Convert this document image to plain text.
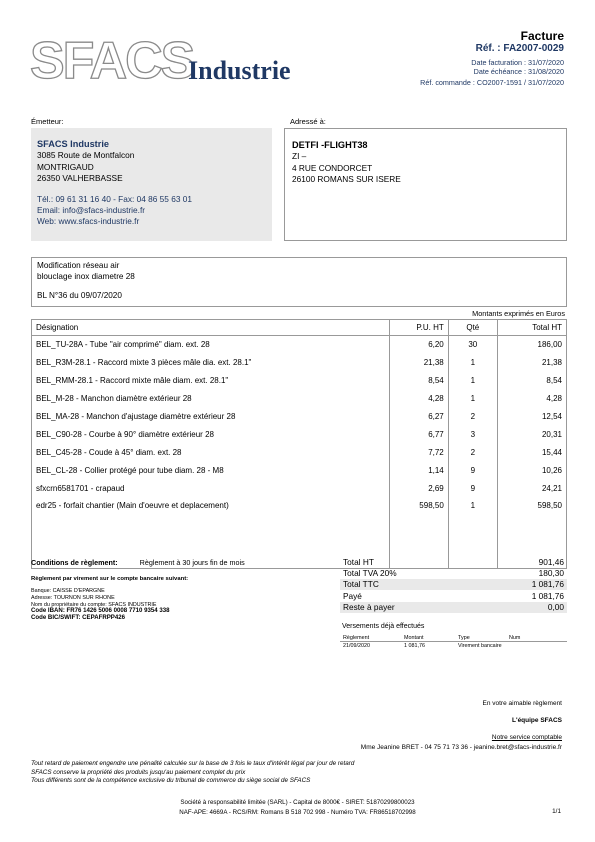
SFACS
Industrie
Facture
Réf. : FA2007-0029
Date facturation : 31/07/2020
Date échéance : 31/08/2020
Réf. commande : CO2007-1591 / 31/07/2020
Émetteur:
SFACS Industrie
3085 Route de Montfalcon
MONTRIGAUD
26350 VALHERBASSE
Tél.: 09 61 31 16 40 - Fax: 04 86 55 63 01
Email: info@sfacs-industrie.fr
Web: www.sfacs-industrie.fr
Adressé à:
DETFI -FLIGHT38
ZI –
4 RUE CONDORCET
26100 ROMANS SUR ISERE
Modification réseau air
blouclage inox diametre 28
BL N°36 du 09/07/2020
Montants exprimés en Euros
Désignation	P.U. HT	Qté	Total HT
BEL_TU-28A - Tube "air comprimé" diam. ext. 28	6,20	30	186,00
BEL_R3M-28.1 - Raccord mixte 3 pièces mâle dia. ext. 28.1"	21,38	1	21,38
BEL_RMM-28.1 - Raccord mixte mâle diam. ext. 28.1"	8,54	1	8,54
BEL_M-28 - Manchon diamètre extérieur 28	4,28	1	4,28
BEL_MA-28 - Manchon d'ajustage diamètre extérieur 28	6,27	2	12,54
BEL_C90-28 - Courbe à 90° diamètre extérieur 28	6,77	3	20,31
BEL_C45-28 - Coude à 45° diam. ext. 28	7,72	2	15,44
BEL_CL-28 - Collier protégé pour tube diam. 28 - M8	1,14	9	10,26
sfxcrn6581701 - crapaud	2,69	9	24,21
edr25 - forfait chantier (Main d'oeuvre et deplacement)	598,50	1	598,50
Conditions de règlement:	Règlement à 30 jours fin de mois
Règlement par virement sur le compte bancaire suivant:
Banque: CAISSE D'EPARGNE
Adresse: TOURNON SUR RHONE
Nom du propriétaire du compte: SFACS INDUSTRIE
Code IBAN: FR76 1426 5006 0008 7710 9354 338
Code BIC/SWIFT: CEPAFRPP426
Total HT	901,46
Total TVA 20%	180,30
Total TTC	1 081,76
Payé	1 081,76
Reste à payer	0,00
Versements déjà effectués
Règlement	Montant	Type	Num
21/09/2020	1 081,76	Virement bancaire	
En votre aimable règlement
L'équipe SFACS
Notre service comptable
Mme Jeanine BRET - 04 75 71 73 36 - jeanine.bret@sfacs-industrie.fr
Tout retard de paiement engendre une pénalité calculée sur la base de 3 fois le taux d'intérêt légal par jour de retard
SFACS conserve la propriété des produits jusqu'au paiement complet du prix
Tous différents sont de la compétence exclusive du tribunal de commerce du siège social de SFACS
Société à responsabilité limitée (SARL) - Capital de 8000€ - SIRET: 51870299800023
NAF-APE: 4669A - RCS/RM: Romans B 518 702 998 - Numéro TVA: FR86518702998	1/1
